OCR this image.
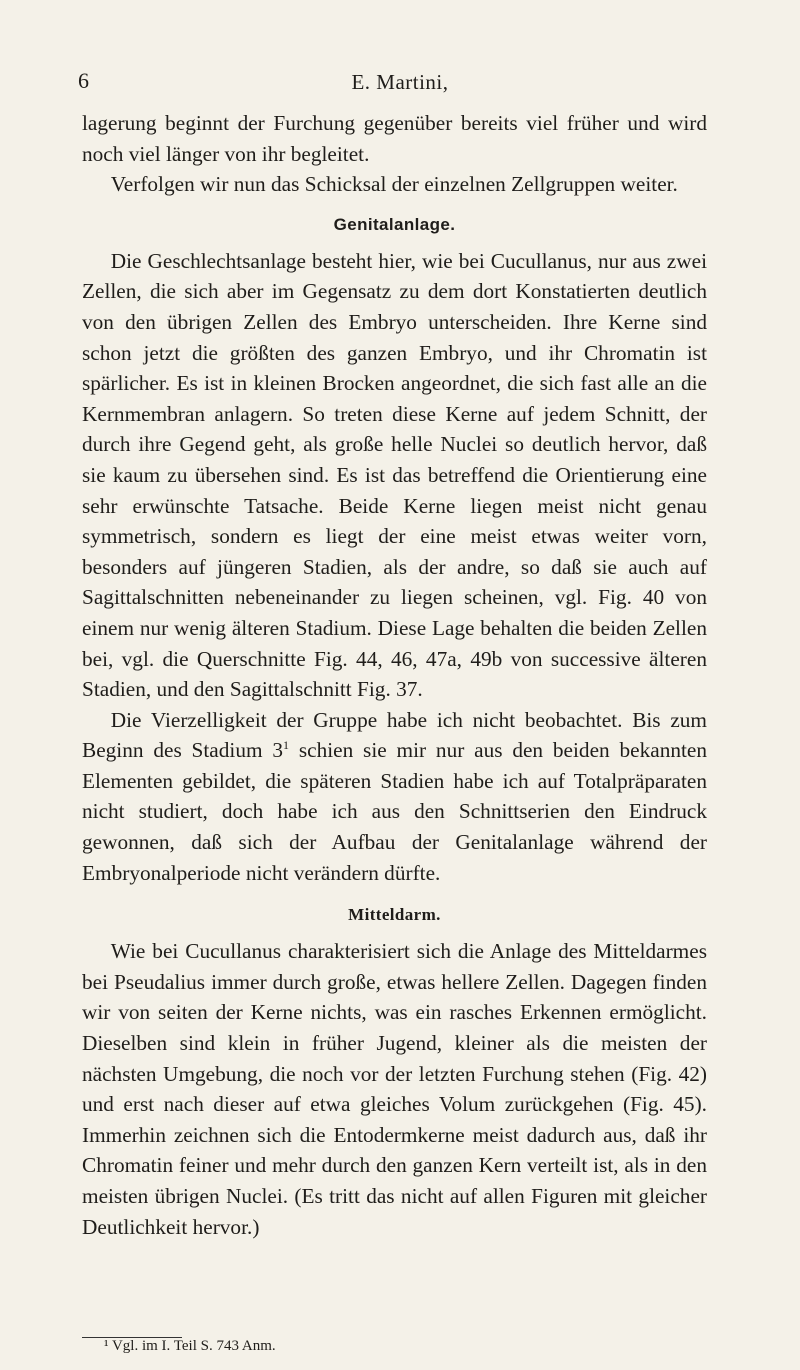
6	E. Martini,

lagerung beginnt der Furchung gegenüber bereits viel früher und wird noch viel länger von ihr begleitet.

Verfolgen wir nun das Schicksal der einzelnen Zellgruppen weiter.

Genitalanlage.

Die Geschlechtsanlage besteht hier, wie bei Cucullanus, nur aus zwei Zellen, die sich aber im Gegensatz zu dem dort Konstatierten deutlich von den übrigen Zellen des Embryo unterscheiden. Ihre Kerne sind schon jetzt die größten des ganzen Embryo, und ihr Chromatin ist spärlicher. Es ist in kleinen Brocken angeordnet, die sich fast alle an die Kernmembran anlagern. So treten diese Kerne auf jedem Schnitt, der durch ihre Gegend geht, als große helle Nuclei so deutlich hervor, daß sie kaum zu übersehen sind. Es ist das betreffend die Orientierung eine sehr erwünschte Tatsache. Beide Kerne liegen meist nicht genau symmetrisch, sondern es liegt der eine meist etwas weiter vorn, besonders auf jüngeren Stadien, als der andre, so daß sie auch auf Sagittalschnitten nebeneinander zu liegen scheinen, vgl. Fig. 40 von einem nur wenig älteren Stadium. Diese Lage behalten die beiden Zellen bei, vgl. die Querschnitte Fig. 44, 46, 47a, 49b von successive älteren Stadien, und den Sagittalschnitt Fig. 37.

Die Vierzelligkeit der Gruppe habe ich nicht beobachtet. Bis zum Beginn des Stadium $3^1$ schien sie mir nur aus den beiden bekannten Elementen gebildet, die späteren Stadien habe ich auf Totalpräparaten nicht studiert, doch habe ich aus den Schnittserien den Eindruck gewonnen, daß sich der Aufbau der Genitalanlage während der Embryonalperiode nicht verändern dürfte.

Mitteldarm.

Wie bei Cucullanus charakterisiert sich die Anlage des Mitteldarmes bei Pseudalius immer durch große, etwas hellere Zellen. Dagegen finden wir von seiten der Kerne nichts, was ein rasches Erkennen ermöglicht. Dieselben sind klein in früher Jugend, kleiner als die meisten der nächsten Umgebung, die noch vor der letzten Furchung stehen (Fig. 42) und erst nach dieser auf etwa gleiches Volum zurückgehen (Fig. 45). Immerhin zeichnen sich die Entodermkerne meist dadurch aus, daß ihr Chromatin feiner und mehr durch den ganzen Kern verteilt ist, als in den meisten übrigen Nuclei. (Es tritt das nicht auf allen Figuren mit gleicher Deutlichkeit hervor.)

¹ Vgl. im I. Teil S. 743 Anm.
